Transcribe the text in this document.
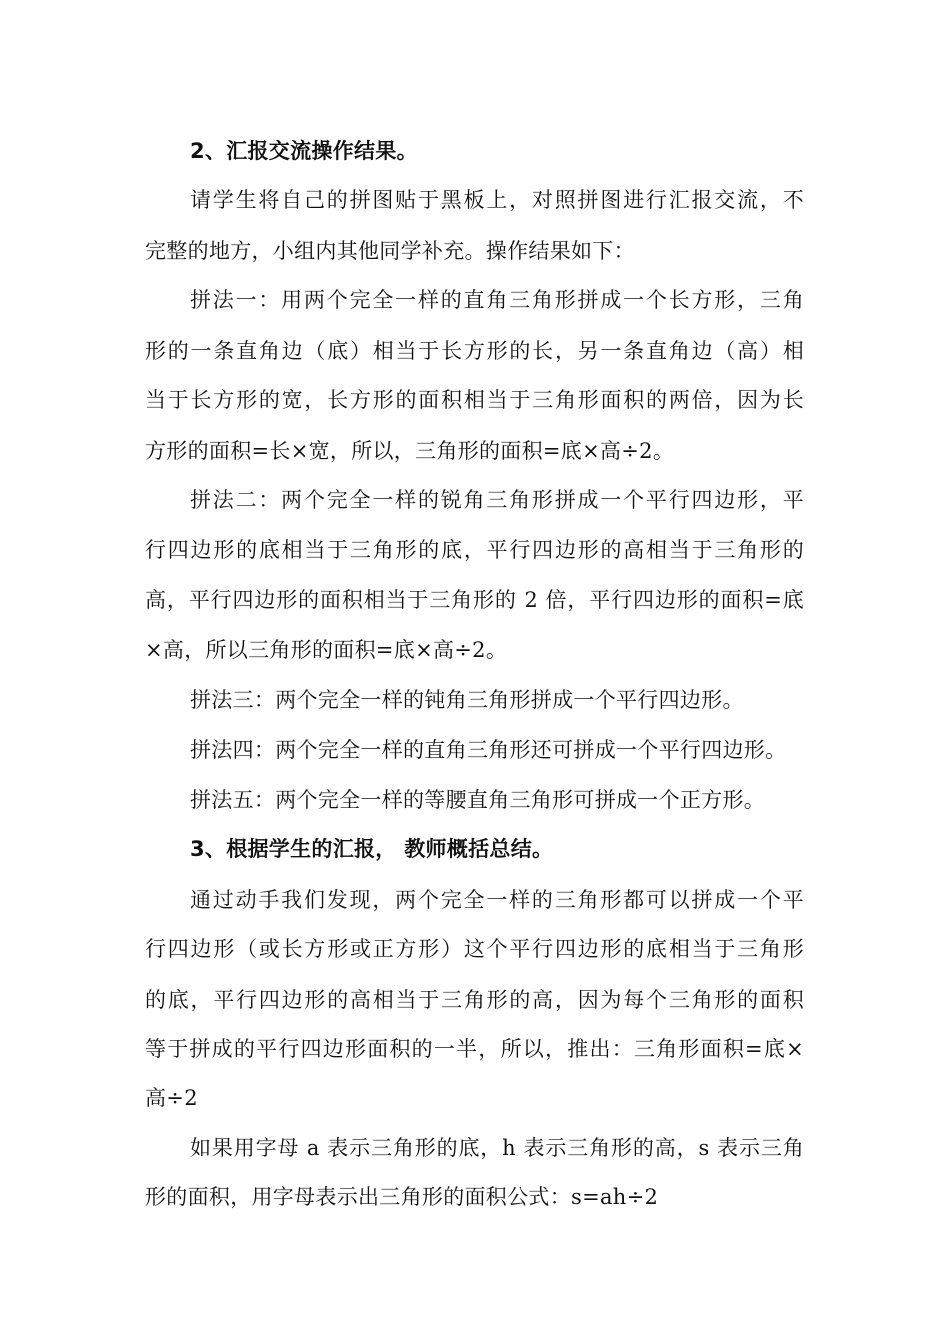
2、汇报交流操作结果。

请学生将自己的拼图贴于黑板上，对照拼图进行汇报交流，不

完整的地方，小组内其他同学补充。操作结果如下：

拼法一：用两个完全一样的直角三角形拼成一个长方形，三角

形的一条直角边（底）相当于长方形的长，另一条直角边（高）相

当于长方形的宽，长方形的面积相当于三角形面积的两倍，因为长

方形的面积=长×宽，所以，三角形的面积=底×高÷2。

拼法二：两个完全一样的锐角三角形拼成一个平行四边形，平

行四边形的底相当于三角形的底，平行四边形的高相当于三角形的

高，平行四边形的面积相当于三角形的 2 倍，平行四边形的面积=底

×高，所以三角形的面积=底×高÷2。

拼法三：两个完全一样的钝角三角形拼成一个平行四边形。

拼法四：两个完全一样的直角三角形还可拼成一个平行四边形。

拼法五：两个完全一样的等腰直角三角形可拼成一个正方形。

3、根据学生的汇报， 教师概括总结。

通过动手我们发现，两个完全一样的三角形都可以拼成一个平

行四边形（或长方形或正方形）这个平行四边形的底相当于三角形

的底，平行四边形的高相当于三角形的高，因为每个三角形的面积

等于拼成的平行四边形面积的一半，所以，推出：三角形面积=底×

高÷2

如果用字母 a 表示三角形的底，h 表示三角形的高，s 表示三角

形的面积，用字母表示出三角形的面积公式：s=ah÷2
